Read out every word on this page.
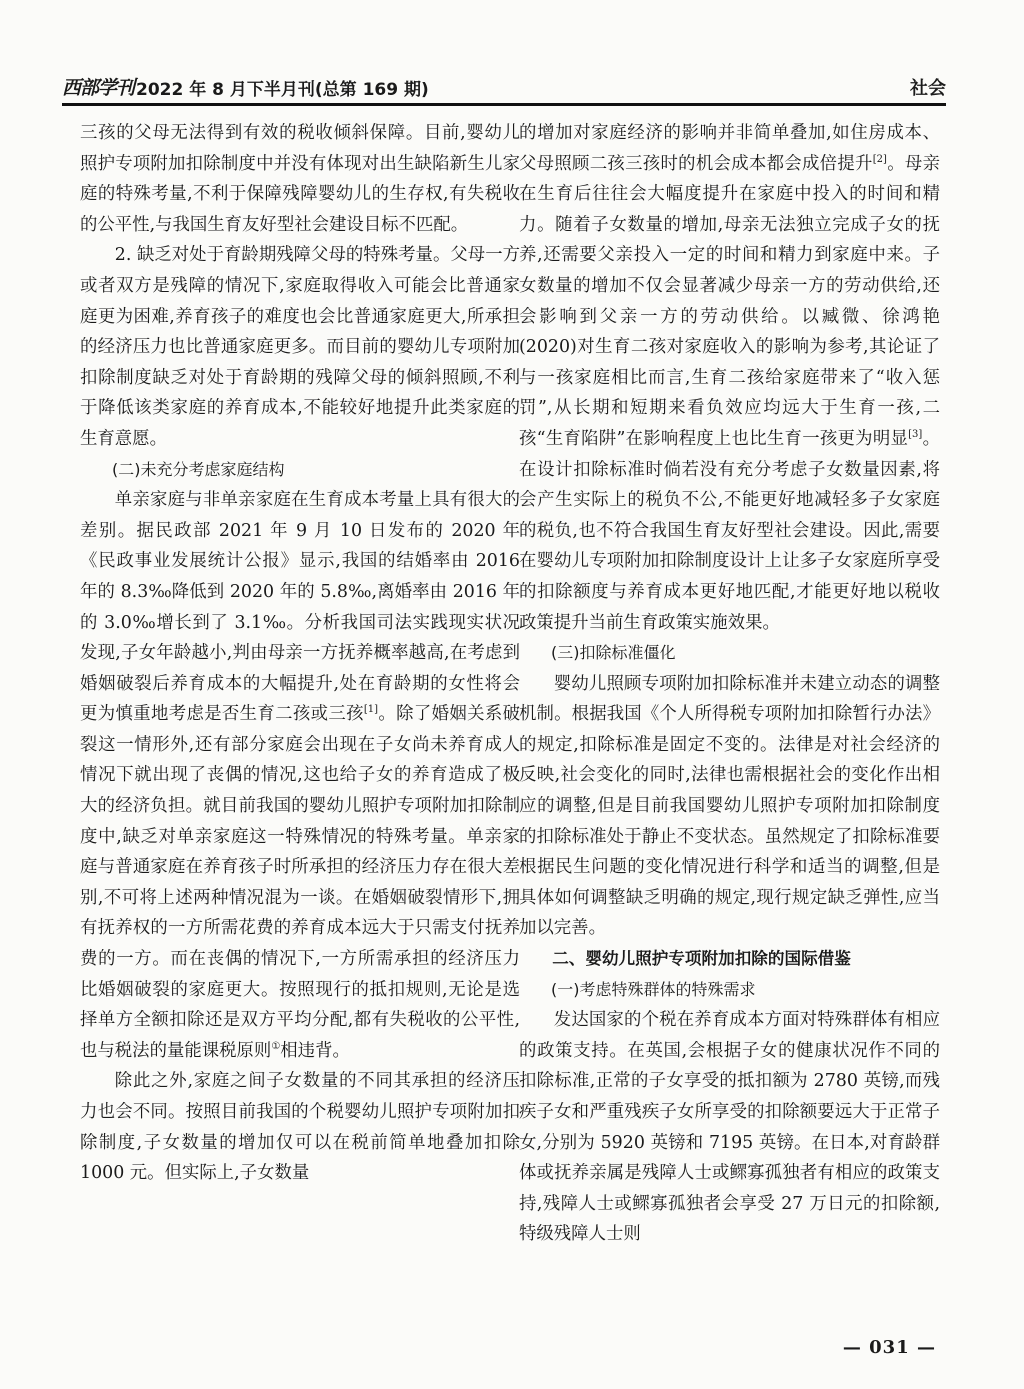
西部学刊 2022 年 8 月下半月刊(总第 169 期)	社会

三孩的父母无法得到有效的税收倾斜保障。目前,婴幼儿照护专项附加扣除制度中并没有体现对出生缺陷新生儿家庭的特殊考量,不利于保障残障婴幼儿的生存权,有失税收的公平性,与我国生育友好型社会建设目标不匹配。

2. 缺乏对处于育龄期残障父母的特殊考量。父母一方或者双方是残障的情况下,家庭取得收入可能会比普通家庭更为困难,养育孩子的难度也会比普通家庭更大,所承担的经济压力也比普通家庭更多。而目前的婴幼儿专项附加扣除制度缺乏对处于育龄期的残障父母的倾斜照顾,不利于降低该类家庭的养育成本,不能较好地提升此类家庭的生育意愿。

(二)未充分考虑家庭结构

单亲家庭与非单亲家庭在生育成本考量上具有很大的差别。据民政部 2021 年 9 月 10 日发布的 2020 年《民政事业发展统计公报》显示,我国的结婚率由 2016 年的 8.3‰降低到 2020 年的 5.8‰,离婚率由 2016 年的 3.0‰增长到了 3.1‰。分析我国司法实践现实状况发现,子女年龄越小,判由母亲一方抚养概率越高,在考虑到婚姻破裂后养育成本的大幅提升,处在育龄期的女性将会更为慎重地考虑是否生育二孩或三孩[1]。除了婚姻关系破裂这一情形外,还有部分家庭会出现在子女尚未养育成人情况下就出现了丧偶的情况,这也给子女的养育造成了极大的经济负担。就目前我国的婴幼儿照护专项附加扣除制度中,缺乏对单亲家庭这一特殊情况的特殊考量。单亲家庭与普通家庭在养育孩子时所承担的经济压力存在很大差别,不可将上述两种情况混为一谈。在婚姻破裂情形下,拥有抚养权的一方所需花费的养育成本远大于只需支付抚养费的一方。而在丧偶的情况下,一方所需承担的经济压力比婚姻破裂的家庭更大。按照现行的抵扣规则,无论是选择单方全额扣除还是双方平均分配,都有失税收的公平性,也与税法的量能课税原则①相违背。

除此之外,家庭之间子女数量的不同其承担的经济压力也会不同。按照目前我国的个税婴幼儿照护专项附加扣除制度,子女数量的增加仅可以在税前简单地叠加扣除 1000 元。但实际上,子女数量

的增加对家庭经济的影响并非简单叠加,如住房成本、父母照顾二孩三孩时的机会成本都会成倍提升[2]。母亲在生育后往往会大幅度提升在家庭中投入的时间和精力。随着子女数量的增加,母亲无法独立完成子女的抚养,还需要父亲投入一定的时间和精力到家庭中来。子女数量的增加不仅会显著减少母亲一方的劳动供给,还会影响到父亲一方的劳动供给。以臧微、徐鸿艳(2020)对生育二孩对家庭收入的影响为参考,其论证了与一孩家庭相比而言,生育二孩给家庭带来了“收入惩罚”,从长期和短期来看负效应均远大于生育一孩,二孩“生育陷阱”在影响程度上也比生育一孩更为明显[3]。在设计扣除标准时倘若没有充分考虑子女数量因素,将会产生实际上的税负不公,不能更好地减轻多子女家庭的税负,也不符合我国生育友好型社会建设。因此,需要在婴幼儿专项附加扣除制度设计上让多子女家庭所享受的扣除额度与养育成本更好地匹配,才能更好地以税收政策提升当前生育政策实施效果。

(三)扣除标准僵化

婴幼儿照顾专项附加扣除标准并未建立动态的调整机制。根据我国《个人所得税专项附加扣除暂行办法》的规定,扣除标准是固定不变的。法律是对社会经济的反映,社会变化的同时,法律也需根据社会的变化作出相应的调整,但是目前我国婴幼儿照护专项附加扣除制度的扣除标准处于静止不变状态。虽然规定了扣除标准要根据民生问题的变化情况进行科学和适当的调整,但是具体如何调整缺乏明确的规定,现行规定缺乏弹性,应当加以完善。

二、婴幼儿照护专项附加扣除的国际借鉴

(一)考虑特殊群体的特殊需求

发达国家的个税在养育成本方面对特殊群体有相应的政策支持。在英国,会根据子女的健康状况作不同的扣除标准,正常的子女享受的抵扣额为 2780 英镑,而残疾子女和严重残疾子女所享受的扣除额要远大于正常子女,分别为 5920 英镑和 7195 英镑。在日本,对育龄群体或抚养亲属是残障人士或鳏寡孤独者有相应的政策支持,残障人士或鳏寡孤独者会享受 27 万日元的扣除额,特级残障人士则

— 031 —
